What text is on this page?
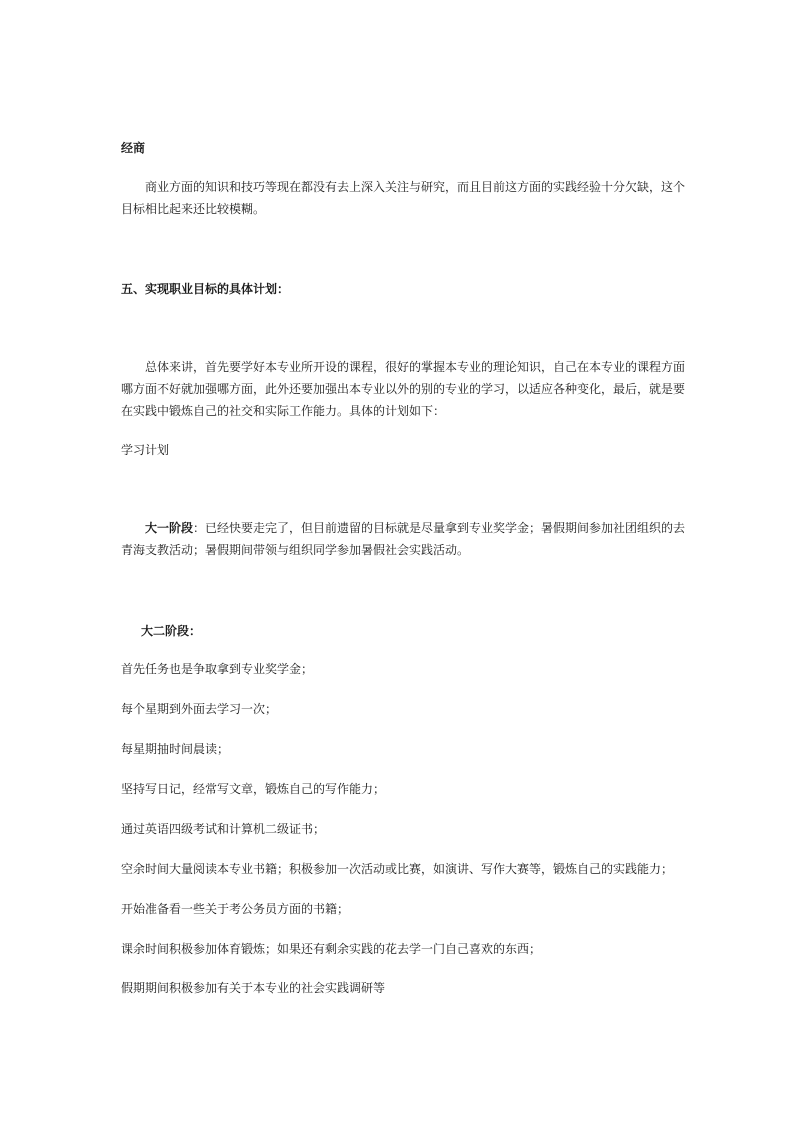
经商
商业方面的知识和技巧等现在都没有去上深入关注与研究，而且目前这方面的实践经验十分欠缺，这个目标相比起来还比较模糊。
五、实现职业目标的具体计划：
总体来讲，首先要学好本专业所开设的课程，很好的掌握本专业的理论知识，自己在本专业的课程方面哪方面不好就加强哪方面，此外还要加强出本专业以外的别的专业的学习，以适应各种变化，最后，就是要在实践中锻炼自己的社交和实际工作能力。具体的计划如下：
学习计划
大一阶段：已经快要走完了，但目前遗留的目标就是尽量拿到专业奖学金；暑假期间参加社团组织的去青海支教活动；暑假期间带领与组织同学参加暑假社会实践活动。
大二阶段：
首先任务也是争取拿到专业奖学金；
每个星期到外面去学习一次；
每星期抽时间晨读；
坚持写日记，经常写文章，锻炼自己的写作能力；
通过英语四级考试和计算机二级证书；
空余时间大量阅读本专业书籍；积极参加一次活动或比赛，如演讲、写作大赛等，锻炼自己的实践能力；
开始准备看一些关于考公务员方面的书籍；
课余时间积极参加体育锻炼；如果还有剩余实践的花去学一门自己喜欢的东西；
假期期间积极参加有关于本专业的社会实践调研等
